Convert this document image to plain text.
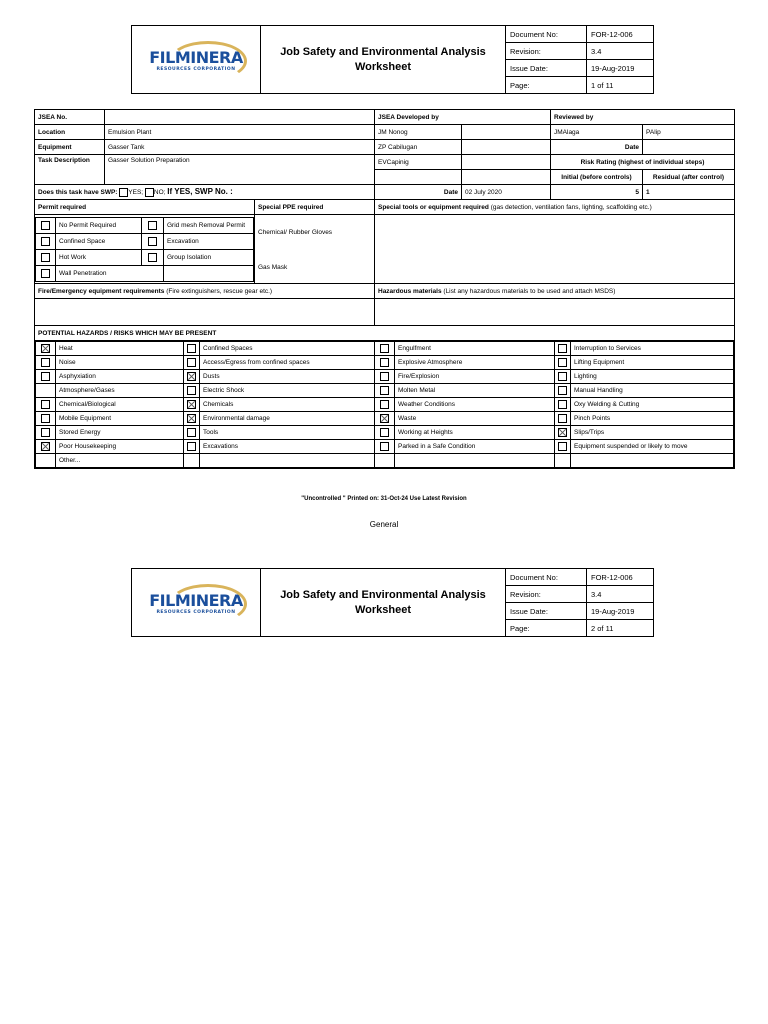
FILMINERA
RESOURCES CORPORATION	Job Safety and Environmental Analysis
Worksheet	Document No:	FOR-12-006
		Revision:	3.4
		Issue Date:	19-Aug-2019
		Page:	1 of 11
JSEA No.		JSEA Developed by	Reviewed by
Location	Emulsion Plant	JM Nonog		JMAlaga	PAlip
Equipment	Gasser Tank	ZP Cabilugan		Date	
Task Description	Gasser Solution Preparation	EVCapinig		Risk Rating (highest of individual steps)
		Initial (before controls)	Residual (after control)
Does this task have SWP: YES; NO; If YES, SWP No. :	Date	02 July 2020	5	1
Permit required	Special PPE required	Special tools or equipment required (gas detection, ventilation fans, lighting, scaffolding etc.)

	No Permit Required		Grid mesh Removal Permit
	Confined Space		Excavation
	Hot Work		Group Isolation
	Wall Penetration	

Chemical/ Rubber Gloves
Gas Mask

Fire/Emergency equipment requirements (Fire extinguishers, rescue gear etc.)	Hazardous materials (List any hazardous materials to be used and attach MSDS)

POTENTIAL HAZARDS / RISKS WHICH MAY BE PRESENT

	Heat		Confined Spaces		Engulfment		Interruption to Services
	Noise		Access/Egress from confined spaces		Explosive Atmosphere		Lifting Equipment
	Asphyxiation		Dusts		Fire/Explosion		Lighting
	Atmosphere/Gases		Electric Shock		Molten Metal		Manual Handling
	Chemical/Biological		Chemicals		Weather Conditions		Oxy Welding & Cutting
	Mobile Equipment		Environmental damage		Waste		Pinch Points
	Stored Energy		Tools		Working at Heights		Slips/Trips
	Poor Housekeeping		Excavations		Parked in a Safe Condition		Equipment suspended or likely to move
	Other...						
"Uncontrolled " Printed on: 31-Oct-24 Use Latest Revision
General
FILMINERA
RESOURCES CORPORATION	Job Safety and Environmental Analysis
Worksheet	Document No:	FOR-12-006
		Revision:	3.4
		Issue Date:	19-Aug-2019
		Page:	2 of 11
